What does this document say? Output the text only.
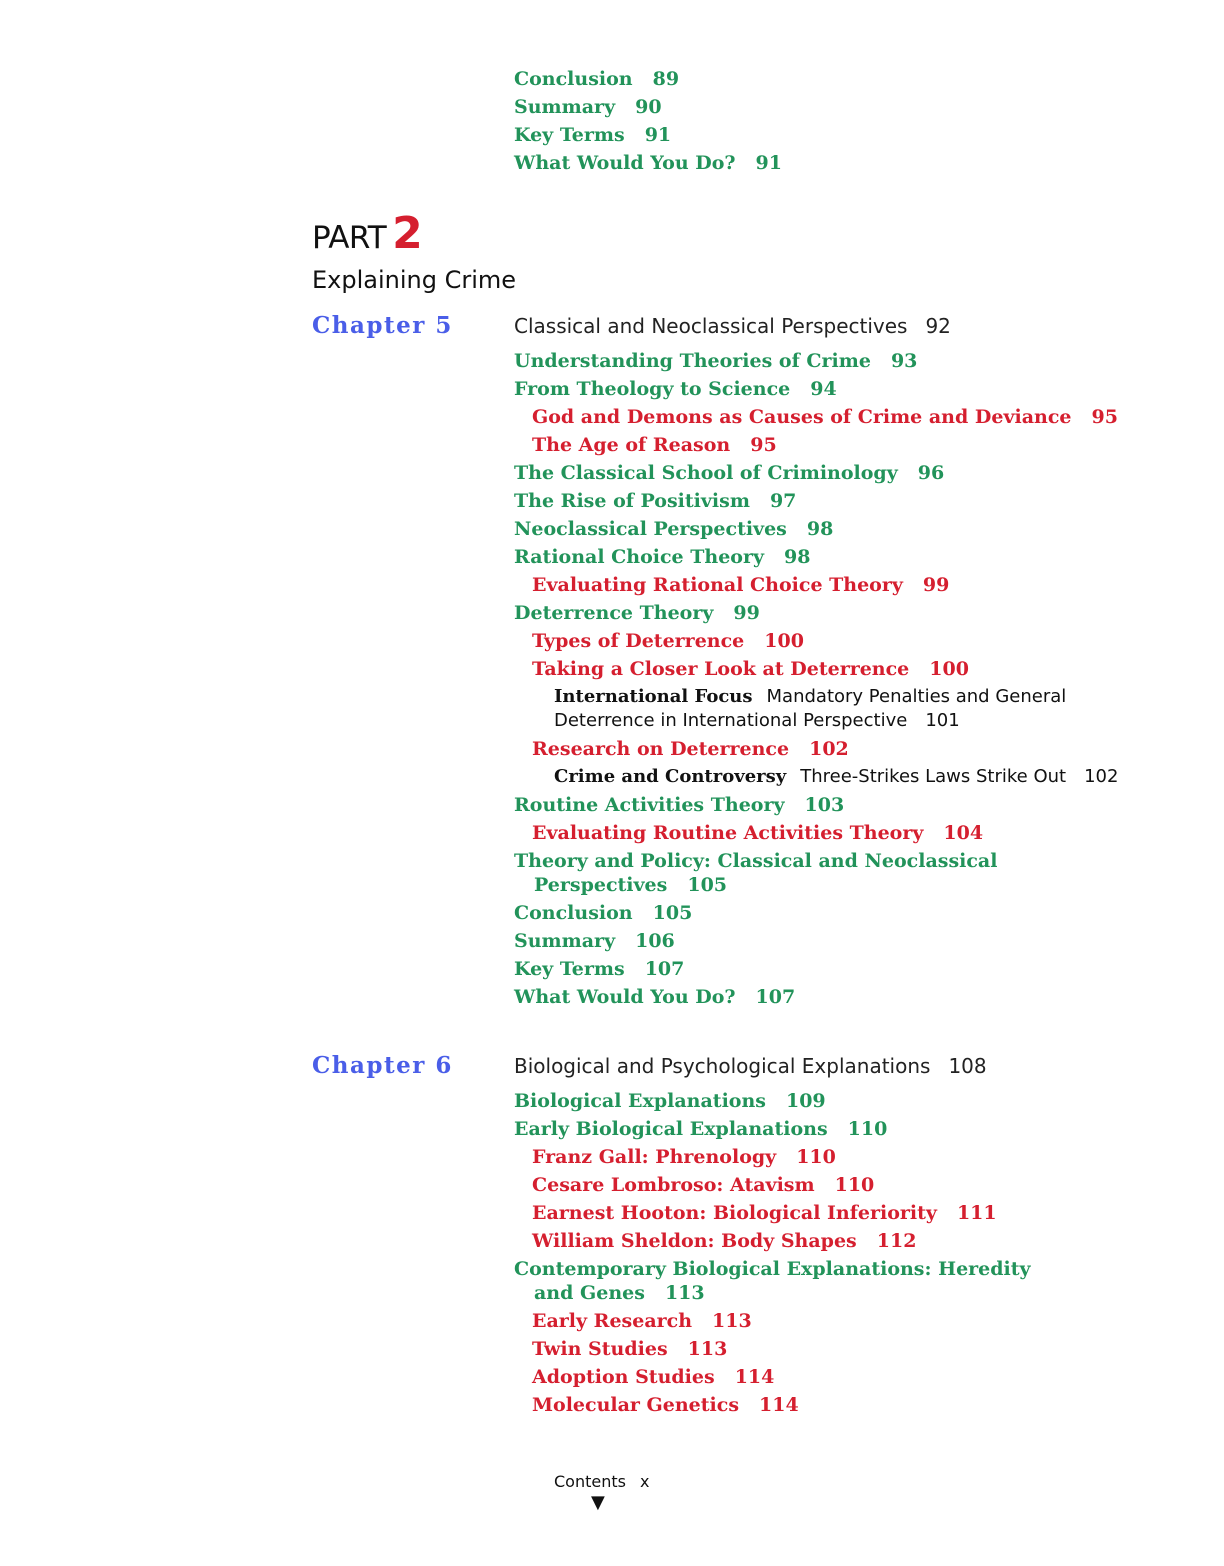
Conclusion 89
Summary 90
Key Terms 91
What Would You Do? 91
PART 2
Explaining Crime
Chapter 5	Classical and Neoclassical Perspectives 92
Understanding Theories of Crime 93
From Theology to Science 94
God and Demons as Causes of Crime and Deviance 95
The Age of Reason 95
The Classical School of Criminology 96
The Rise of Positivism 97
Neoclassical Perspectives 98
Rational Choice Theory 98
Evaluating Rational Choice Theory 99
Deterrence Theory 99
Types of Deterrence 100
Taking a Closer Look at Deterrence 100
International Focus Mandatory Penalties and General
Deterrence in International Perspective 101
Research on Deterrence 102
Crime and Controversy Three-Strikes Laws Strike Out 102
Routine Activities Theory 103
Evaluating Routine Activities Theory 104
Theory and Policy: Classical and Neoclassical
Perspectives 105
Conclusion 105
Summary 106
Key Terms 107
What Would You Do? 107
Chapter 6	Biological and Psychological Explanations 108
Biological Explanations 109
Early Biological Explanations 110
Franz Gall: Phrenology 110
Cesare Lombroso: Atavism 110
Earnest Hooton: Biological Inferiority 111
William Sheldon: Body Shapes 112
Contemporary Biological Explanations: Heredity
and Genes 113
Early Research 113
Twin Studies 113
Adoption Studies 114
Molecular Genetics 114
Contents x
▼
